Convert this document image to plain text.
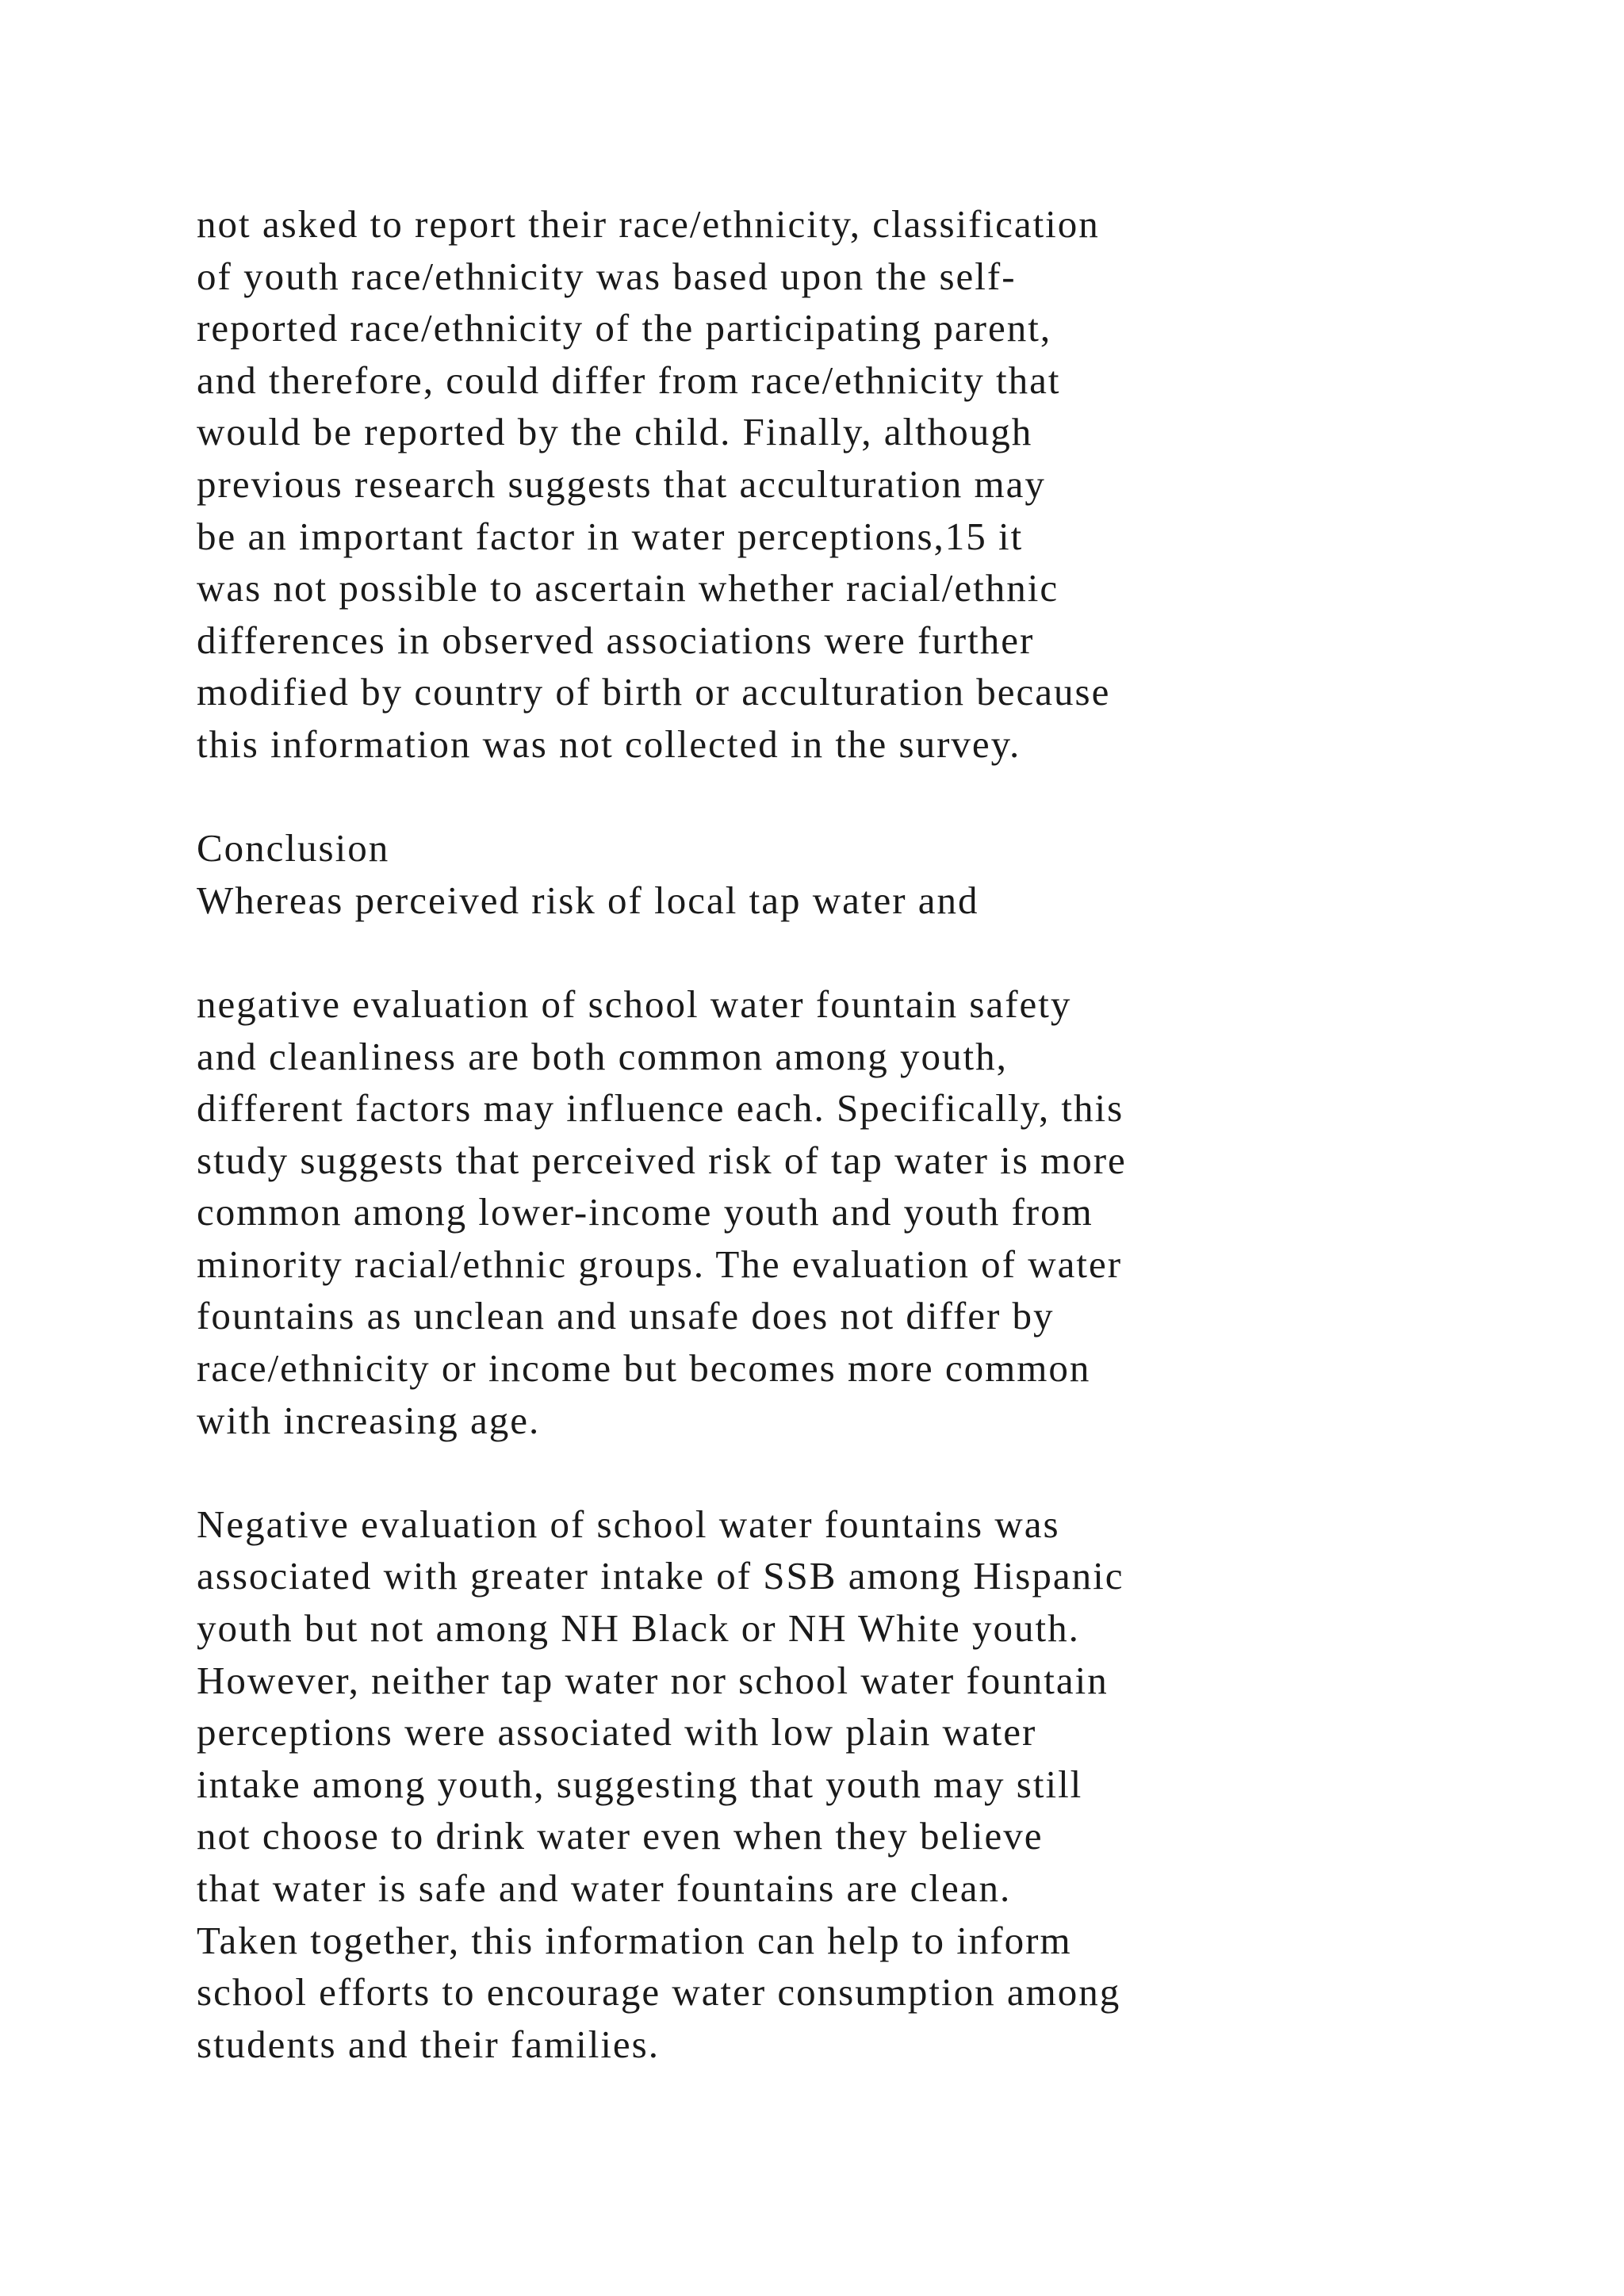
not asked to report their race/ethnicity, classification
of youth race/ethnicity was based upon the self-
reported race/ethnicity of the participating parent,
and therefore, could differ from race/ethnicity that
would be reported by the child. Finally, although
previous research suggests that acculturation may
be an important factor in water perceptions,15 it
was not possible to ascertain whether racial/ethnic
differences in observed associations were further
modified by country of birth or acculturation because
this information was not collected in the survey.

Conclusion
Whereas perceived risk of local tap water and

negative evaluation of school water fountain safety
and cleanliness are both common among youth,
different factors may influence each. Specifically, this
study suggests that perceived risk of tap water is more
common among lower-income youth and youth from
minority racial/ethnic groups. The evaluation of water
fountains as unclean and unsafe does not differ by
race/ethnicity or income but becomes more common
with increasing age.

Negative evaluation of school water fountains was
associated with greater intake of SSB among Hispanic
youth but not among NH Black or NH White youth.
However, neither tap water nor school water fountain
perceptions were associated with low plain water
intake among youth, suggesting that youth may still
not choose to drink water even when they believe
that water is safe and water fountains are clean.
Taken together, this information can help to inform
school efforts to encourage water consumption among
students and their families.
